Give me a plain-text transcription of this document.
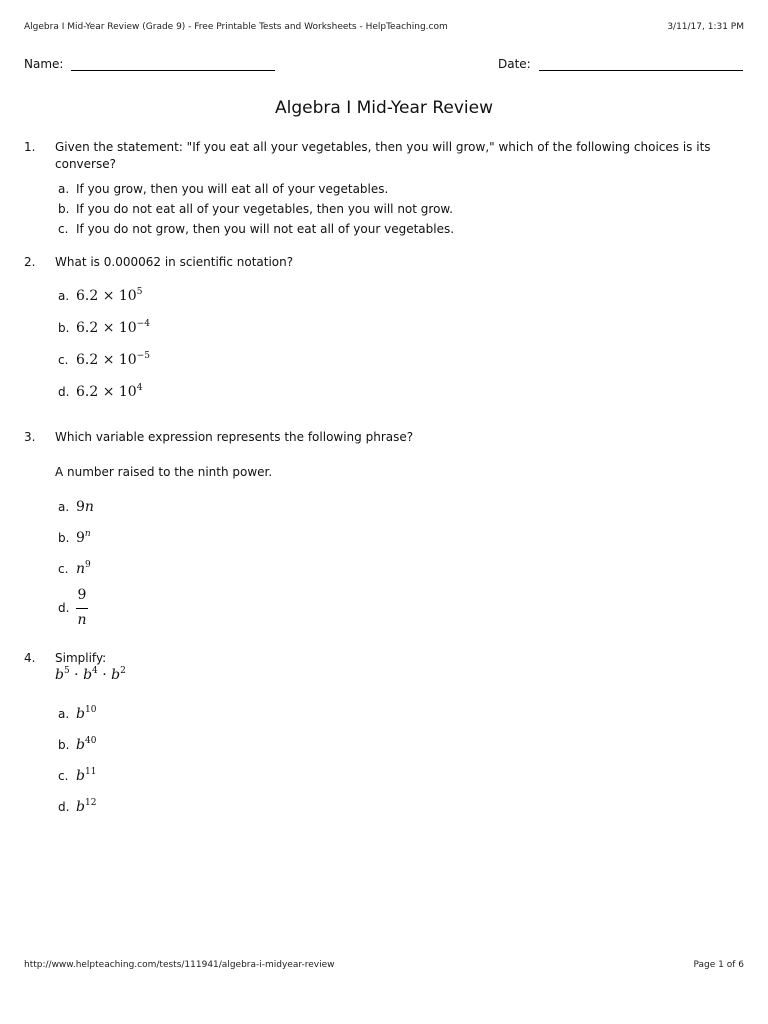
Algebra I Mid-Year Review (Grade 9) - Free Printable Tests and Worksheets - HelpTeaching.com	3/11/17, 1:31 PM
Name:	Date:
Algebra I Mid-Year Review
1. Given the statement: "If you eat all your vegetables, then you will grow," which of the following choices is its converse?
a. If you grow, then you will eat all of your vegetables.
b. If you do not eat all of your vegetables, then you will not grow.
c. If you do not grow, then you will not eat all of your vegetables.
2. What is 0.000062 in scientific notation?
a. $6.2 \times 10^5$
b. $6.2 \times 10^{-4}$
c. $6.2 \times 10^{-5}$
d. $6.2 \times 10^4$
3. Which variable expression represents the following phrase?
A number raised to the ninth power.
a. 9n
b. 9$^n$
c. $n^9$
d.
9
n
4. Simplify:
$b^5 \cdot b^4 \cdot b^2$
a. $b^{10}$
b. $b^{40}$
c. $b^{11}$
d. $b^{12}$
http://www.helpteaching.com/tests/111941/algebra-i-midyear-review	Page 1 of 6
